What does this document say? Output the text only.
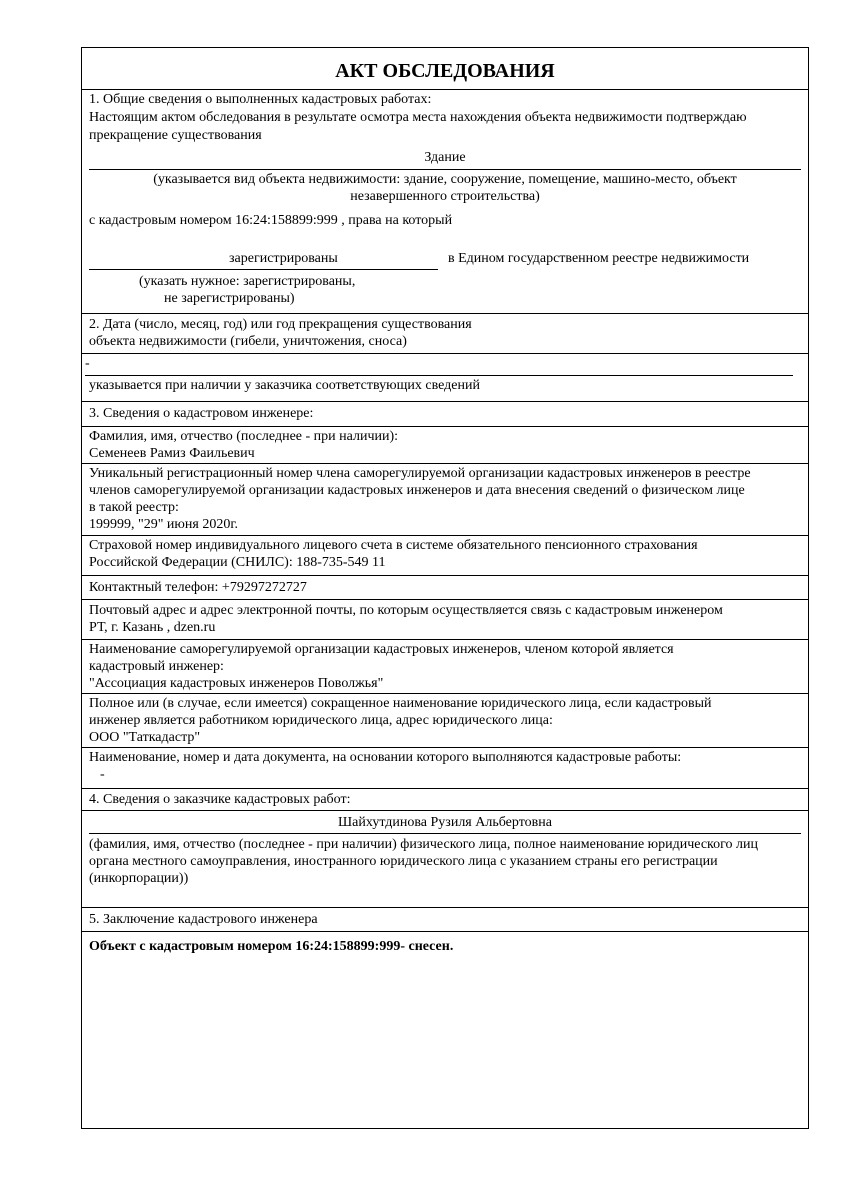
АКТ ОБСЛЕДОВАНИЯ
1. Общие сведения о выполненных кадастровых работах:
Настоящим актом обследования в результате осмотра места нахождения объекта недвижимости подтверждаю
прекращение существования
Здание
(указывается вид объекта недвижимости: здание, сооружение, помещение, машино-место, объект
незавершенного строительства)
с кадастровым номером 16:24:158899:999 , права на который
зарегистрированы	в Едином государственном реестре недвижимости
(указать нужное: зарегистрированы,
не зарегистрированы)
2. Дата (число, месяц, год) или год прекращения существования
объекта недвижимости (гибели, уничтожения, сноса)
-
указывается при наличии у заказчика соответствующих сведений
3. Сведения о кадастровом инженере:
Фамилия, имя, отчество (последнее - при наличии):
Семенеев Рамиз Фаильевич
Уникальный регистрационный номер члена саморегулируемой организации кадастровых инженеров в реестре
членов саморегулируемой организации кадастровых инженеров и дата внесения сведений о физическом лице
в такой реестр:
199999, "29" июня 2020г.
Страховой номер индивидуального лицевого счета в системе обязательного пенсионного страхования
Российской Федерации (СНИЛС): 188-735-549 11
Контактный телефон: +79297272727
Почтовый адрес и адрес электронной почты, по которым осуществляется связь с кадастровым инженером
РТ, г. Казань , dzen.ru
Наименование саморегулируемой организации кадастровых инженеров, членом которой является
кадастровый инженер:
"Ассоциация кадастровых инженеров Поволжья"
Полное или (в случае, если имеется) сокращенное наименование юридического лица, если кадастровый
инженер является работником юридического лица, адрес юридического лица:
ООО "Таткадастр"
Наименование, номер и дата документа, на основании которого выполняются кадастровые работы:
-
4. Сведения о заказчике кадастровых работ:
Шайхутдинова Рузиля Альбертовна
(фамилия, имя, отчество (последнее - при наличии) физического лица, полное наименование юридического лиц
органа местного самоуправления, иностранного юридического лица с указанием страны его регистрации
(инкорпорации))
5. Заключение кадастрового инженера
Объект с кадастровым номером 16:24:158899:999- снесен.
